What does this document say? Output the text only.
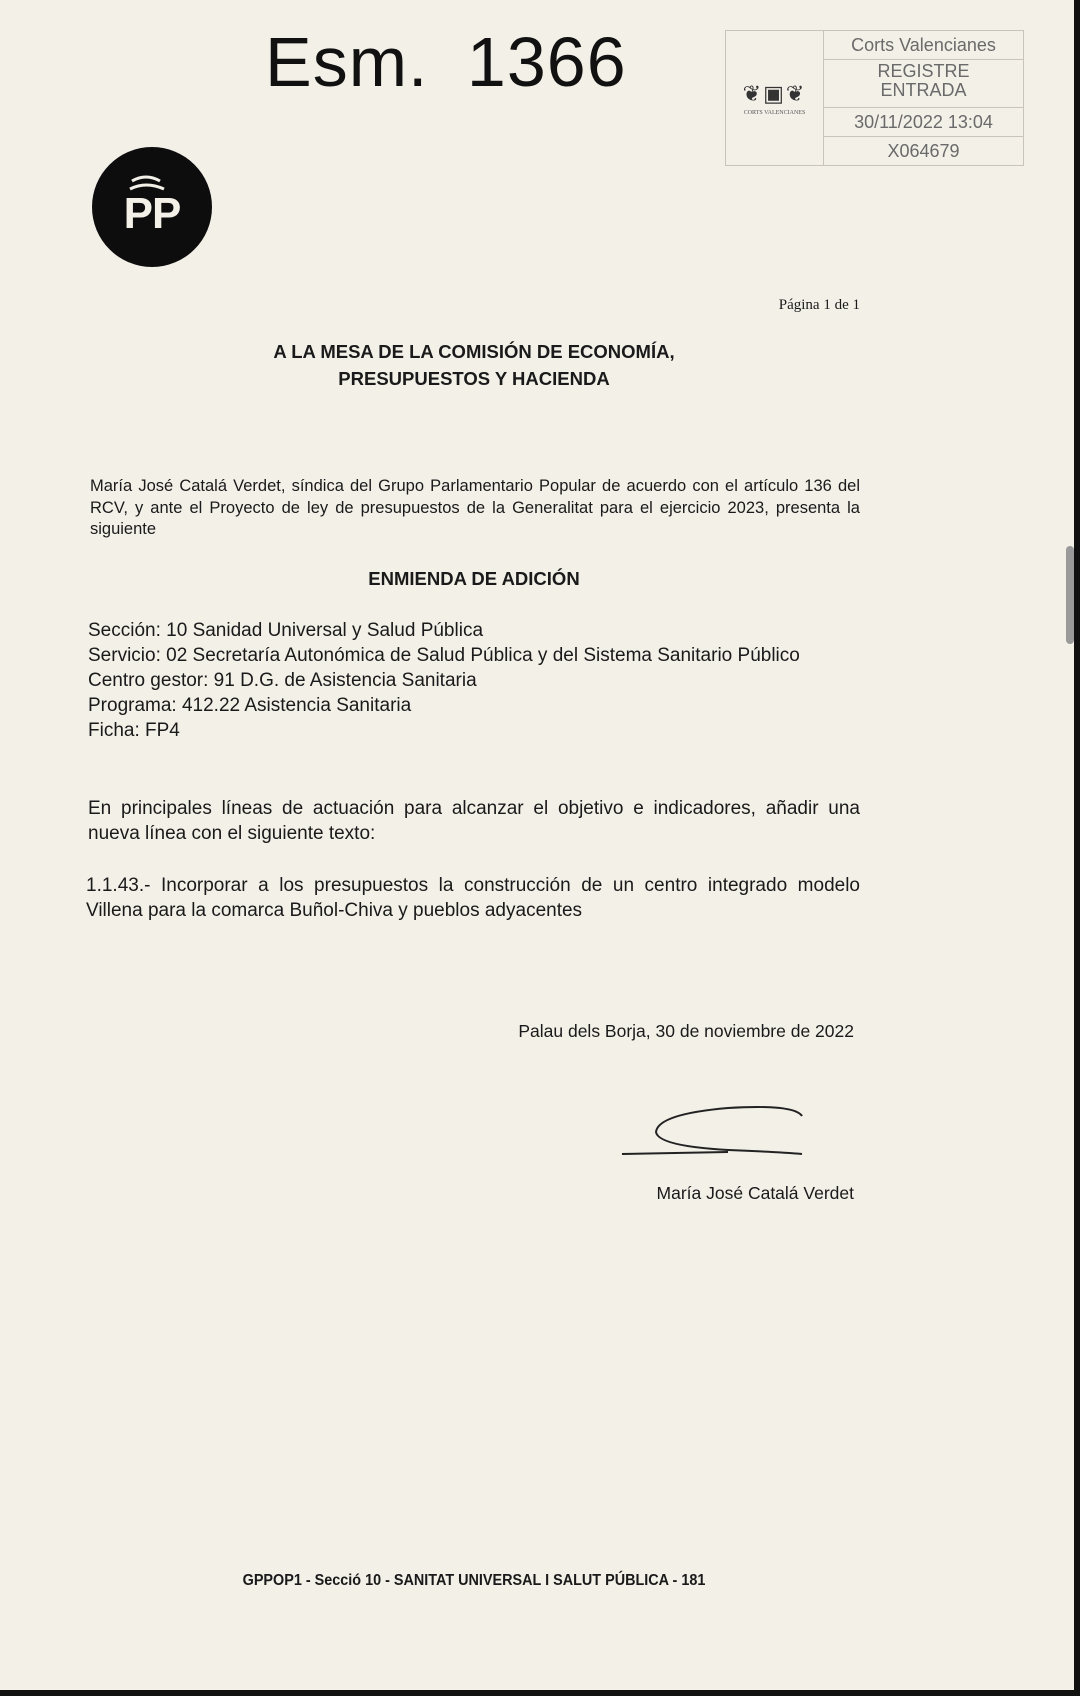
Esm. 1366	❦▣❦
CORTS VALENCIANES
Corts Valencianes
REGISTRE
ENTRADA
30/11/2022 13:04
X064679
PP
Página 1 de 1
A LA MESA DE LA COMISIÓN DE ECONOMÍA,
PRESUPUESTOS Y HACIENDA
María José Catalá Verdet, síndica del Grupo Parlamentario Popular de acuerdo con el artículo 136 del RCV, y ante el Proyecto de ley de presupuestos de la Generalitat para el ejercicio 2023, presenta la siguiente
ENMIENDA DE ADICIÓN
Sección: 10 Sanidad Universal y Salud Pública
Servicio: 02 Secretaría Autonómica de Salud Pública y del Sistema Sanitario Público
Centro gestor: 91 D.G. de Asistencia Sanitaria
Programa: 412.22 Asistencia Sanitaria
Ficha: FP4
En principales líneas de actuación para alcanzar el objetivo e indicadores, añadir una nueva línea con el siguiente texto:
1.1.43.- Incorporar a los presupuestos la construcción de un centro integrado modelo Villena para la comarca Buñol-Chiva y pueblos adyacentes
Palau dels Borja, 30 de noviembre de 2022
María José Catalá Verdet
GPPOP1 - Secció 10 - SANITAT UNIVERSAL I SALUT PÚBLICA - 181
